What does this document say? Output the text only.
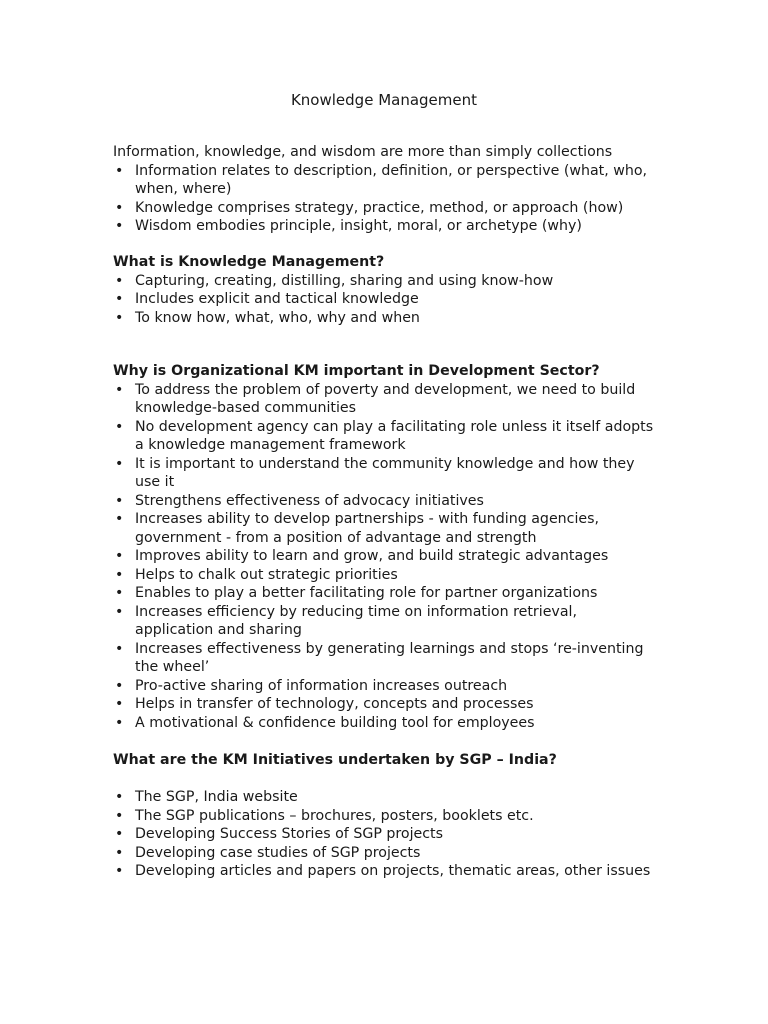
Knowledge Management

Information, knowledge, and wisdom are more than simply collections

• Information relates to description, definition, or perspective (what, who, when, where)
• Knowledge comprises strategy, practice, method, or approach (how)
• Wisdom embodies principle, insight, moral, or archetype (why)

What is Knowledge Management?

• Capturing, creating, distilling, sharing and using know-how
• Includes explicit and tactical knowledge
• To know how, what, who, why and when

Why is Organizational KM important in Development Sector?

• To address the problem of poverty and development, we need to build knowledge-based communities
• No development agency can play a facilitating role unless it itself adopts a knowledge management framework
• It is important to understand the community knowledge and how they use it
• Strengthens effectiveness of advocacy initiatives
• Increases ability to develop partnerships - with funding agencies, government - from a position of advantage and strength
• Improves ability to learn and grow, and build strategic advantages
• Helps to chalk out strategic priorities
• Enables to play a better facilitating role for partner organizations
• Increases efficiency by reducing time on information retrieval, application and sharing
• Increases effectiveness by generating learnings and stops ‘re-inventing the wheel’
• Pro-active sharing of information increases outreach
• Helps in transfer of technology, concepts and processes
• A motivational & confidence building tool for employees

What are the KM Initiatives undertaken by SGP – India?

• The SGP, India website
• The SGP publications – brochures, posters, booklets etc.
• Developing Success Stories of SGP projects
• Developing case studies of SGP projects
• Developing articles and papers on projects, thematic areas, other issues
